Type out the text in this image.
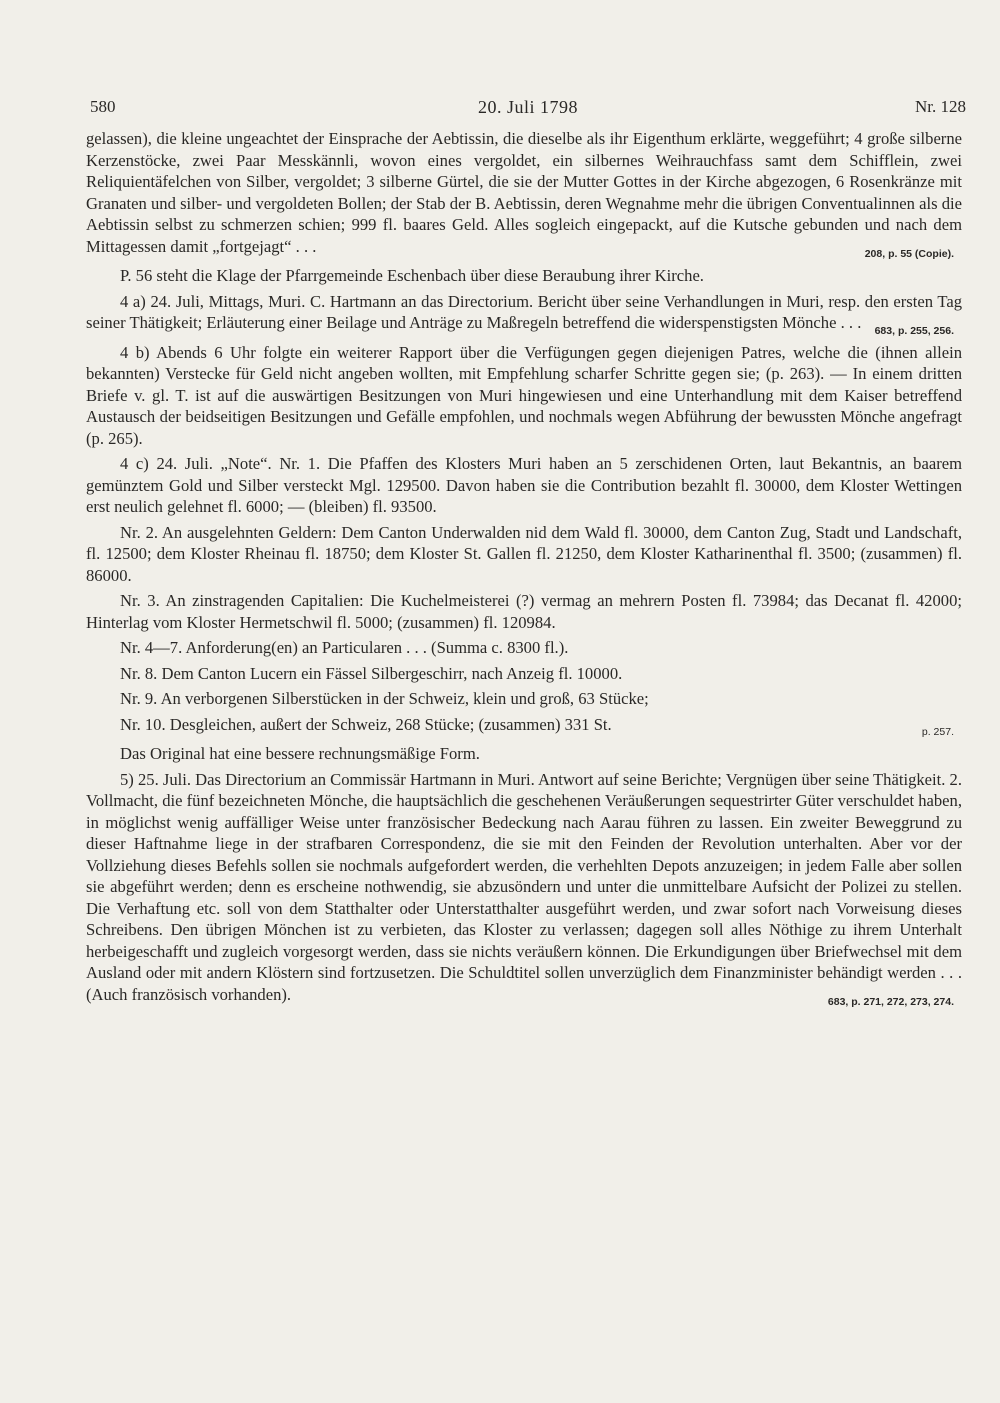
580	20. Juli 1798	Nr. 128

gelassen), die kleine ungeachtet der Einsprache der Aebtissin, die dieselbe als ihr Eigenthum erklärte, weggeführt; 4 große silberne Kerzenstöcke, zwei Paar Messkännli, wovon eines vergoldet, ein silbernes Weihrauchfass samt dem Schifflein, zwei Reliquientäfelchen von Silber, vergoldet; 3 silberne Gürtel, die sie der Mutter Gottes in der Kirche abgezogen, 6 Rosenkränze mit Granaten und silber- und vergoldeten Bollen; der Stab der B. Aebtissin, deren Wegnahme mehr die übrigen Conventualinnen als die Aebtissin selbst zu schmerzen schien; 999 fl. baares Geld. Alles sogleich eingepackt, auf die Kutsche gebunden und nach dem Mittagessen damit „fortgejagt“ . . .	208, p. 55 (Copie).

P. 56 steht die Klage der Pfarrgemeinde Eschenbach über diese Beraubung ihrer Kirche.

4 a) 24. Juli, Mittags, Muri. C. Hartmann an das Directorium. Bericht über seine Verhandlungen in Muri, resp. den ersten Tag seiner Thätigkeit; Erläuterung einer Beilage und Anträge zu Maßregeln betreffend die widerspenstigsten Mönche . . .	683, p. 255, 256.

4 b) Abends 6 Uhr folgte ein weiterer Rapport über die Verfügungen gegen diejenigen Patres, welche die (ihnen allein bekannten) Verstecke für Geld nicht angeben wollten, mit Empfehlung scharfer Schritte gegen sie; (p. 263). — In einem dritten Briefe v. gl. T. ist auf die auswärtigen Besitzungen von Muri hingewiesen und eine Unterhandlung mit dem Kaiser betreffend Austausch der beidseitigen Besitzungen und Gefälle empfohlen, und nochmals wegen Abführung der bewussten Mönche angefragt (p. 265).

4 c) 24. Juli. „Note“. Nr. 1. Die Pfaffen des Klosters Muri haben an 5 zerschidenen Orten, laut Bekantnis, an baarem gemünztem Gold und Silber versteckt Mgl. 129500. Davon haben sie die Contribution bezahlt fl. 30000, dem Kloster Wettingen erst neulich gelehnet fl. 6000; — (bleiben) fl. 93500.

Nr. 2. An ausgelehnten Geldern: Dem Canton Underwalden nid dem Wald fl. 30000, dem Canton Zug, Stadt und Landschaft, fl. 12500; dem Kloster Rheinau fl. 18750; dem Kloster St. Gallen fl. 21250, dem Kloster Katharinenthal fl. 3500; (zusammen) fl. 86000.

Nr. 3. An zinstragenden Capitalien: Die Kuchelmeisterei (?) vermag an mehrern Posten fl. 73984; das Decanat fl. 42000; Hinterlag vom Kloster Hermetschwil fl. 5000; (zusammen) fl. 120984.

Nr. 4—7. Anforderung(en) an Particularen . . . (Summa c. 8300 fl.).

Nr. 8. Dem Canton Lucern ein Fässel Silbergeschirr, nach Anzeig fl. 10000.

Nr. 9. An verborgenen Silberstücken in der Schweiz, klein und groß, 63 Stücke;

Nr. 10. Desgleichen, außert der Schweiz, 268 Stücke; (zusammen) 331 St.	p. 257.

Das Original hat eine bessere rechnungsmäßige Form.

5) 25. Juli. Das Directorium an Commissär Hartmann in Muri. Antwort auf seine Berichte; Vergnügen über seine Thätigkeit. 2. Vollmacht, die fünf bezeichneten Mönche, die hauptsächlich die geschehenen Veräußerungen sequestrirter Güter verschuldet haben, in möglichst wenig auffälliger Weise unter französischer Bedeckung nach Aarau führen zu lassen. Ein zweiter Beweggrund zu dieser Haftnahme liege in der strafbaren Correspondenz, die sie mit den Feinden der Revolution unterhalten. Aber vor der Vollziehung dieses Befehls sollen sie nochmals aufgefordert werden, die verhehlten Depots anzuzeigen; in jedem Falle aber sollen sie abgeführt werden; denn es erscheine nothwendig, sie abzusöndern und unter die unmittelbare Aufsicht der Polizei zu stellen. Die Verhaftung etc. soll von dem Statthalter oder Unterstatthalter ausgeführt werden, und zwar sofort nach Vorweisung dieses Schreibens. Den übrigen Mönchen ist zu verbieten, das Kloster zu verlassen; dagegen soll alles Nöthige zu ihrem Unterhalt herbeigeschafft und zugleich vorgesorgt werden, dass sie nichts veräußern können. Die Erkundigungen über Briefwechsel mit dem Ausland oder mit andern Klöstern sind fortzusetzen. Die Schuldtitel sollen unverzüglich dem Finanzminister behändigt werden . . . (Auch französisch vorhanden).	683, p. 271, 272, 273, 274.
